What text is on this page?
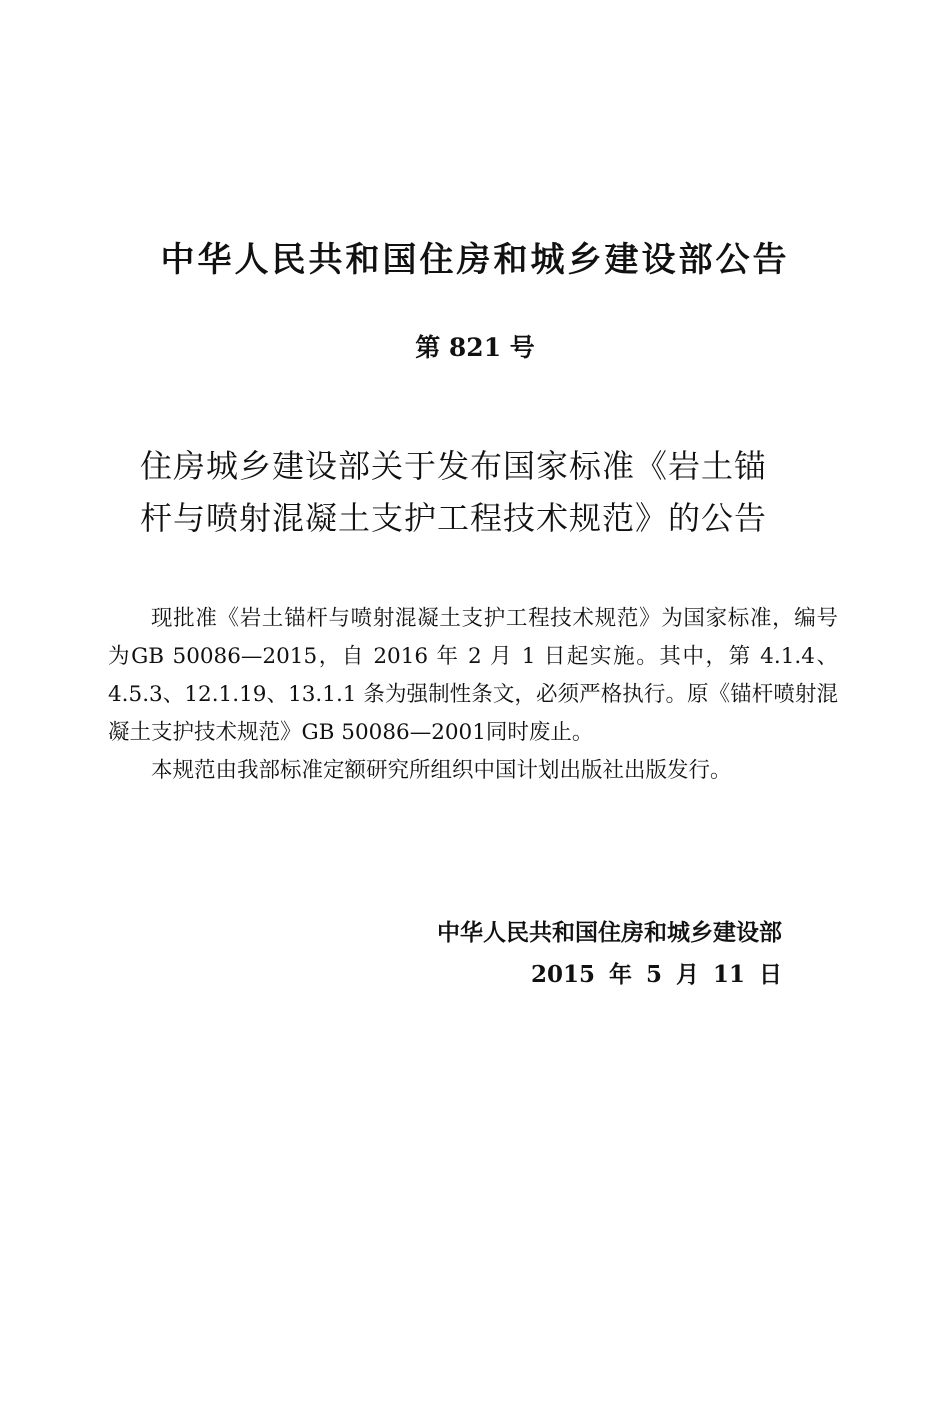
中华人民共和国住房和城乡建设部公告
第 821 号
住房城乡建设部关于发布国家标准《岩土锚
杆与喷射混凝土支护工程技术规范》的公告

现批准《岩土锚杆与喷射混凝土支护工程技术规范》为国家标准，编号为GB 50086—2015，自 2016 年 2 月 1 日起实施。其中，第 4.1.4、4.5.3、12.1.19、13.1.1 条为强制性条文，必须严格执行。原《锚杆喷射混凝土支护技术规范》GB 50086—2001同时废止。

本规范由我部标准定额研究所组织中国计划出版社出版发行。

中华人民共和国住房和城乡建设部
2015 年 5 月 11 日
